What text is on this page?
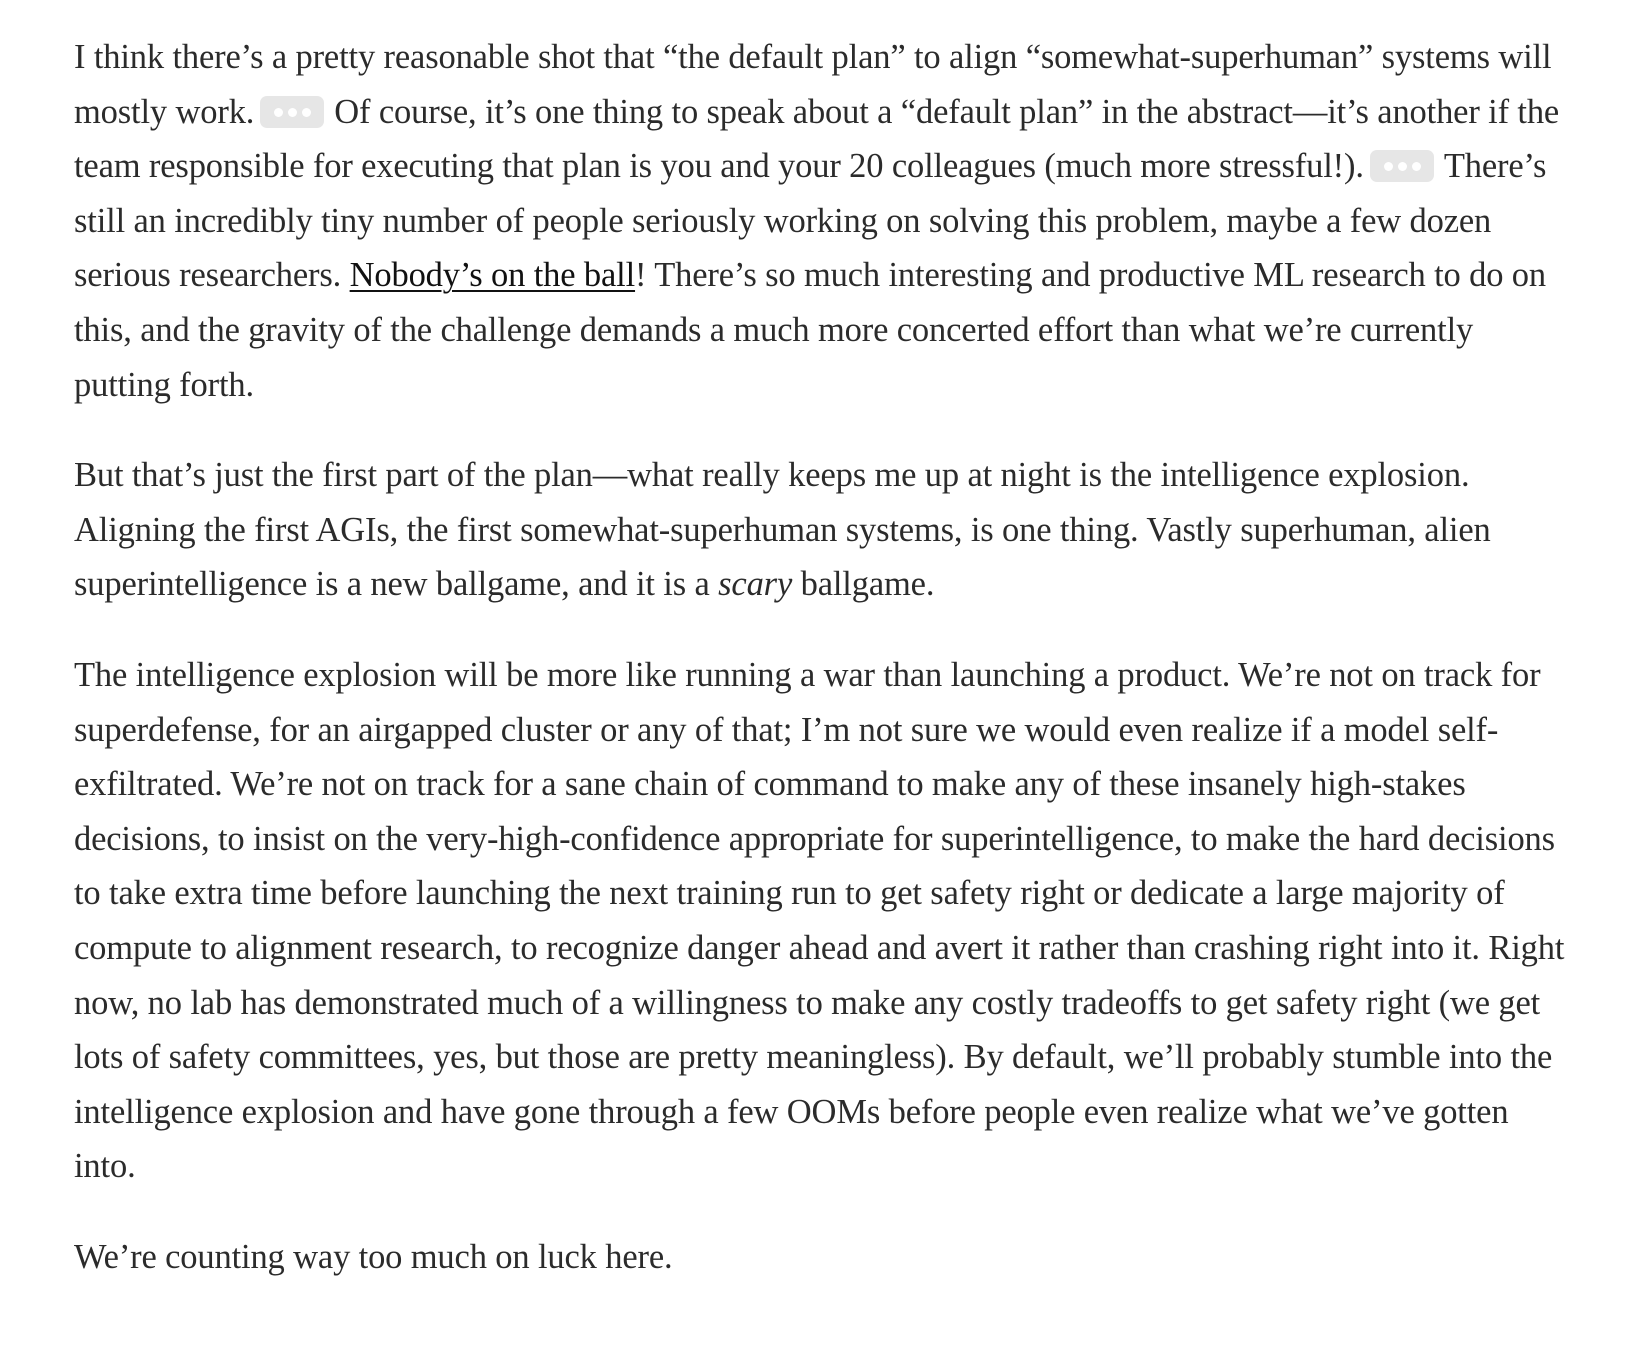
I think there’s a pretty reasonable shot that “the default plan” to align “somewhat-superhuman” systems will mostly work. Of course, it’s one thing to speak about a “default plan” in the abstract—it’s another if the team responsible for executing that plan is you and your 20 colleagues (much more stressful!). There’s still an incredibly tiny number of people seriously working on solving this problem, maybe a few dozen serious researchers. Nobody’s on the ball! There’s so much interesting and productive ML research to do on this, and the gravity of the challenge demands a much more concerted effort than what we’re currently putting forth.

But that’s just the first part of the plan—what really keeps me up at night is the intelligence explosion. Aligning the first AGIs, the first somewhat-superhuman systems, is one thing. Vastly superhuman, alien superintelligence is a new ballgame, and it is a scary ballgame.

The intelligence explosion will be more like running a war than launching a product. We’re not on track for superdefense, for an airgapped cluster or any of that; I’m not sure we would even realize if a model self-exfiltrated. We’re not on track for a sane chain of command to make any of these insanely high-stakes decisions, to insist on the very-high-confidence appropriate for superintelligence, to make the hard decisions to take extra time before launching the next training run to get safety right or dedicate a large majority of compute to alignment research, to recognize danger ahead and avert it rather than crashing right into it. Right now, no lab has demonstrated much of a willingness to make any costly tradeoffs to get safety right (we get lots of safety committees, yes, but those are pretty meaningless). By default, we’ll probably stumble into the intelligence explosion and have gone through a few OOMs before people even realize what we’ve gotten into.

We’re counting way too much on luck here.
